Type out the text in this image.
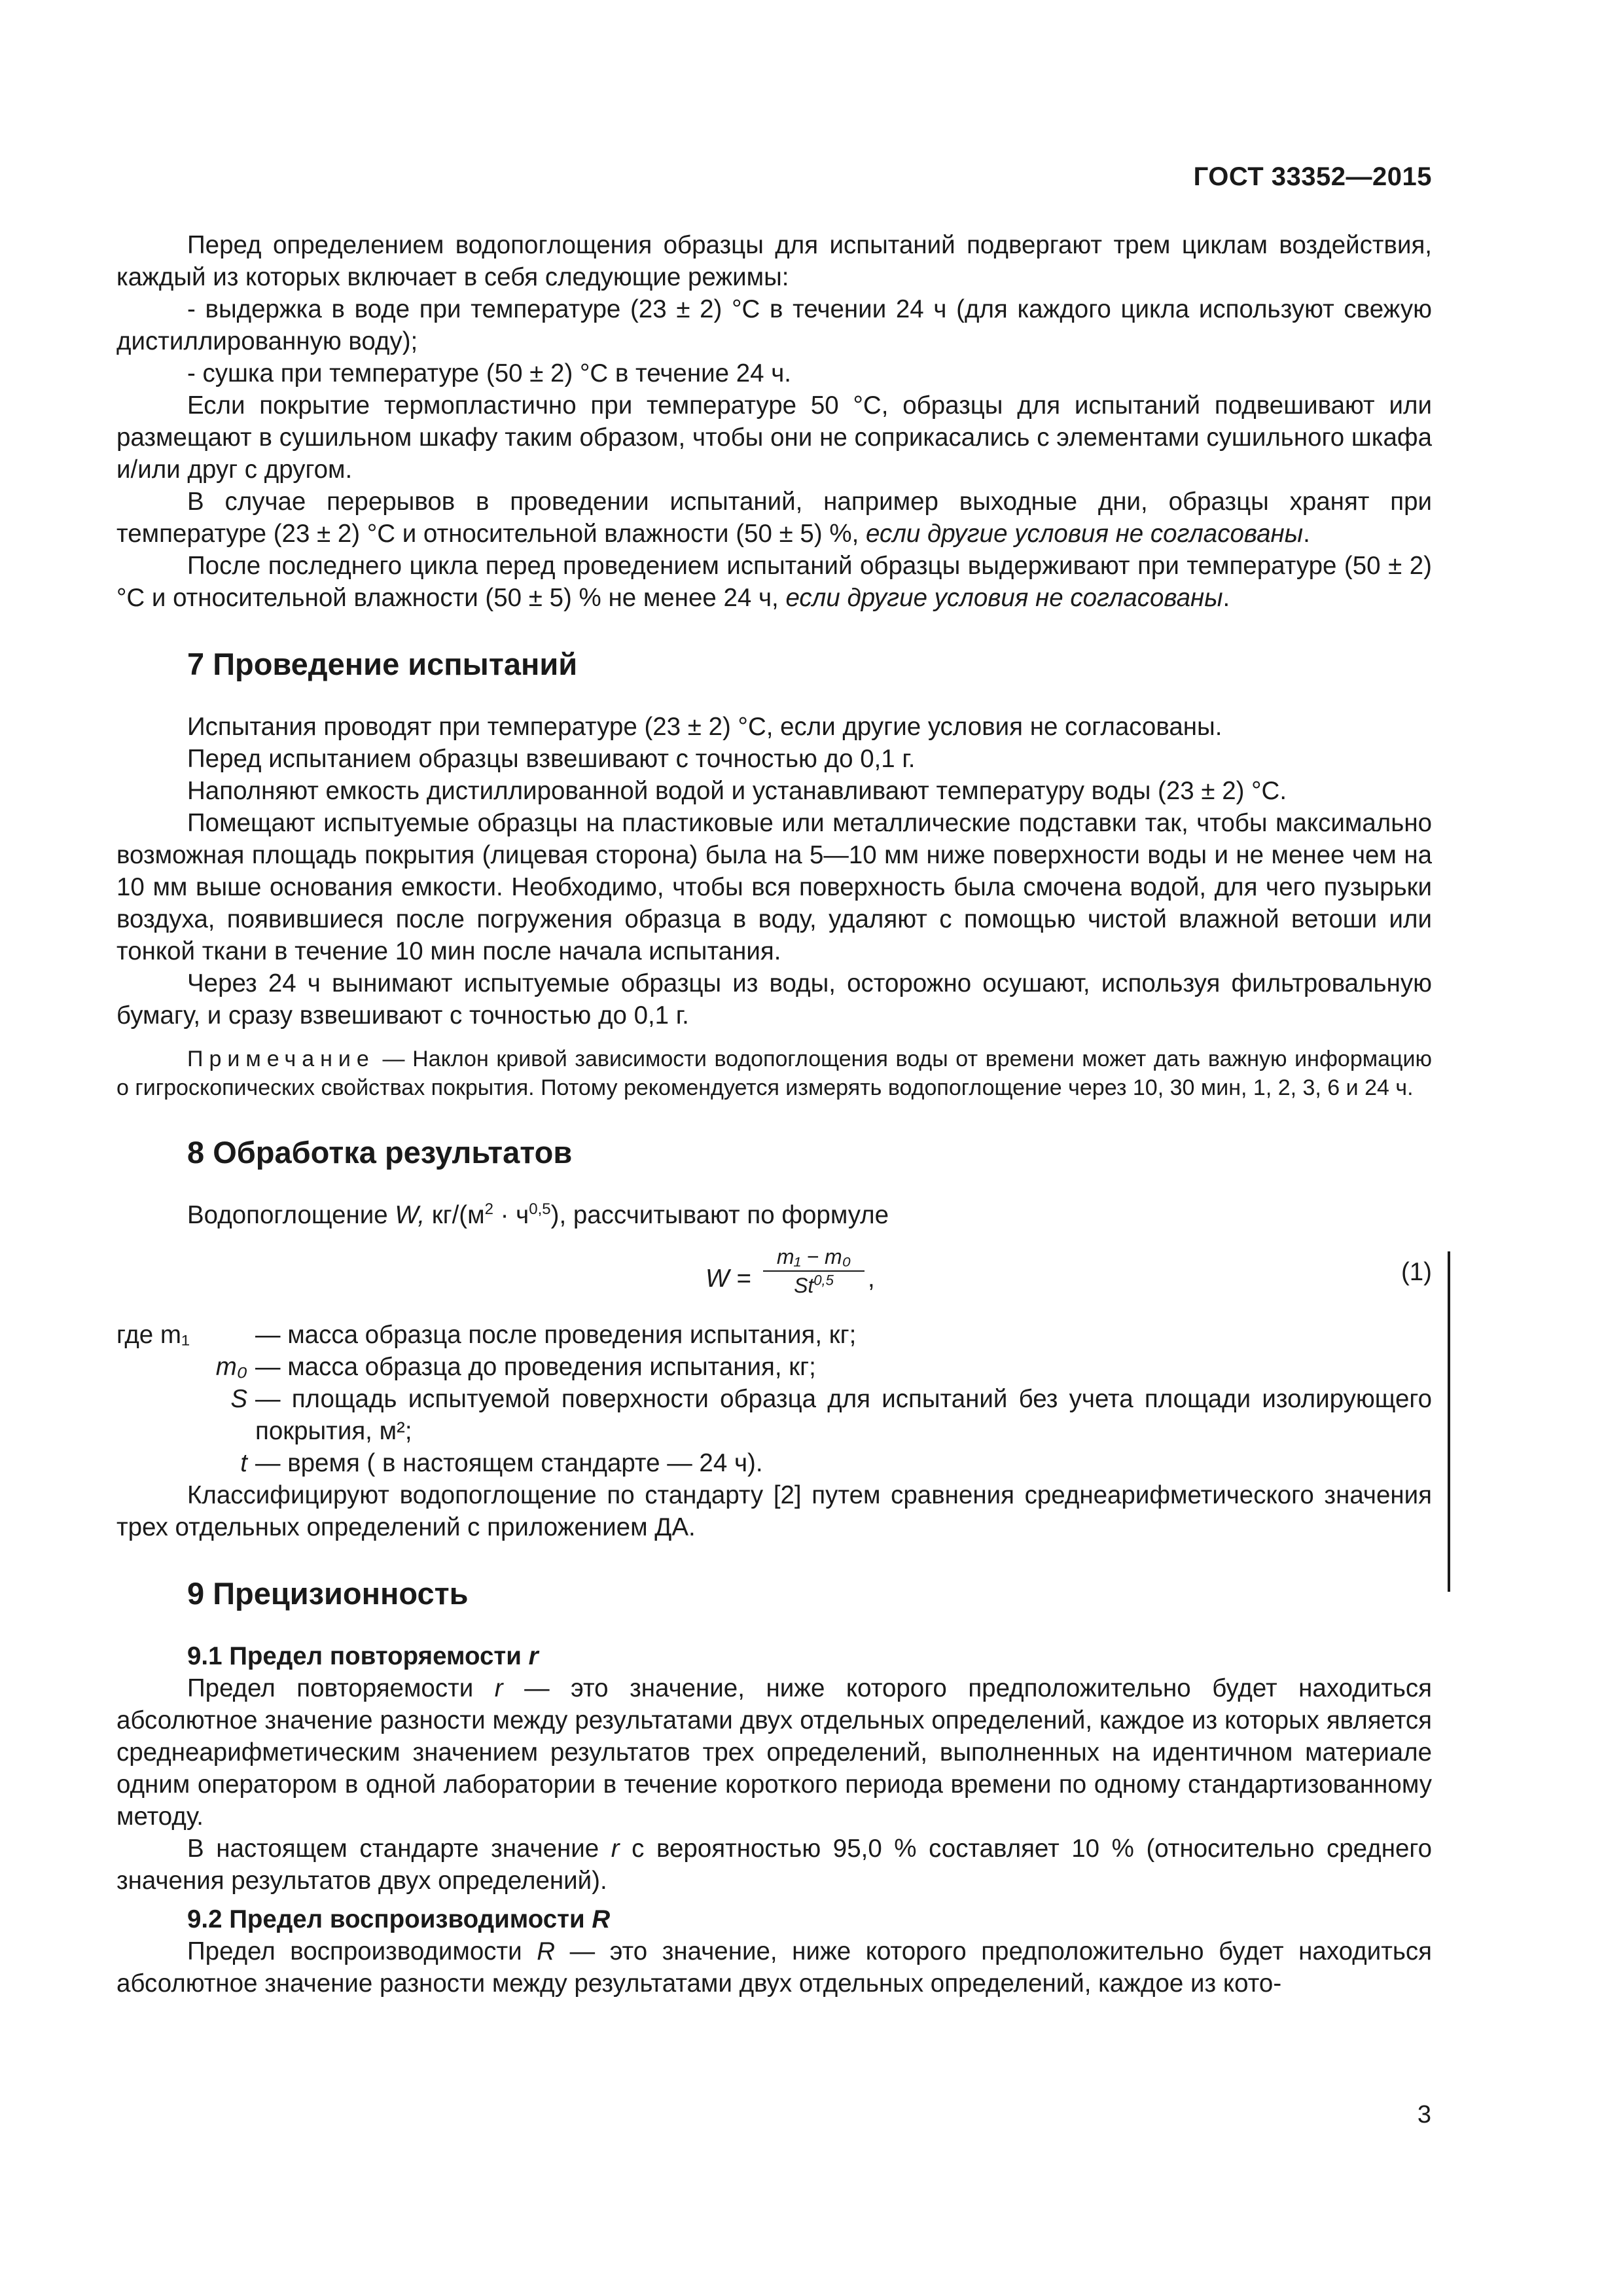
ГОСТ 33352—2015

Перед определением водопоглощения образцы для испытаний подвергают трем циклам воздействия, каждый из которых включает в себя следующие режимы:

- выдержка в воде при температуре (23 ± 2) °С в течении 24 ч (для каждого цикла используют свежую дистиллированную воду);

- сушка при температуре (50 ± 2) °С в течение 24 ч.

Если покрытие термопластично при температуре 50 °С, образцы для испытаний подвешивают или размещают в сушильном шкафу таким образом, чтобы они не соприкасались с элементами сушильного шкафа и/или друг с другом.

В случае перерывов в проведении испытаний, например выходные дни, образцы хранят при температуре (23 ± 2) °С и относительной влажности (50 ± 5) %, если другие условия не согласованы.

После последнего цикла перед проведением испытаний образцы выдерживают при температуре (50 ± 2) °С и относительной влажности (50 ± 5) % не менее 24 ч, если другие условия не согласованы.

7 Проведение испытаний

Испытания проводят при температуре (23 ± 2) °С, если другие условия не согласованы.

Перед испытанием образцы взвешивают с точностью до 0,1 г.

Наполняют емкость дистиллированной водой и устанавливают температуру воды (23 ± 2) °С.

Помещают испытуемые образцы на пластиковые или металлические подставки так, чтобы максимально возможная площадь покрытия (лицевая сторона) была на 5—10 мм ниже поверхности воды и не менее чем на 10 мм выше основания емкости. Необходимо, чтобы вся поверхность была смочена водой, для чего пузырьки воздуха, появившиеся после погружения образца в воду, удаляют с помощью чистой влажной ветоши или тонкой ткани в течение 10 мин после начала испытания.

Через 24 ч вынимают испытуемые образцы из воды, осторожно осушают, используя фильтровальную бумагу, и сразу взвешивают с точностью до 0,1 г.

Примечание — Наклон кривой зависимости водопоглощения воды от времени может дать важную информацию о гигроскопических свойствах покрытия. Потому рекомендуется измерять водопоглощение через 10, 30 мин, 1, 2, 3, 6 и 24 ч.

8 Обработка результатов

Водопоглощение W, $кг/(м^2 \cdot ч^{0,5})$, рассчитывают по формуле

$W = \frac{\text{m₁ − m₀}}{St^{0,5}}$ ,	(1)

где m₁	— масса образца после проведения испытания, кг;

m₀ — масса образца до проведения испытания, кг;

S — площадь испытуемой поверхности образца для испытаний без учета площади изолирующего покрытия, м²;

t — время ( в настоящем стандарте — 24 ч).

Классифицируют водопоглощение по стандарту [2] путем сравнения среднеарифметического значения трех отдельных определений с приложением ДА.

9 Прецизионность

9.1 Предел повторяемости r

Предел повторяемости r — это значение, ниже которого предположительно будет находиться абсолютное значение разности между результатами двух отдельных определений, каждое из которых является среднеарифметическим значением результатов трех определений, выполненных на идентичном материале одним оператором в одной лаборатории в течение короткого периода времени по одному стандартизованному методу.

В настоящем стандарте значение r с вероятностью 95,0 % составляет 10 % (относительно среднего значения результатов двух определений).

9.2 Предел воспроизводимости R

Предел воспроизводимости R — это значение, ниже которого предположительно будет находиться абсолютное значение разности между результатами двух отдельных определений, каждое из кото-

3
